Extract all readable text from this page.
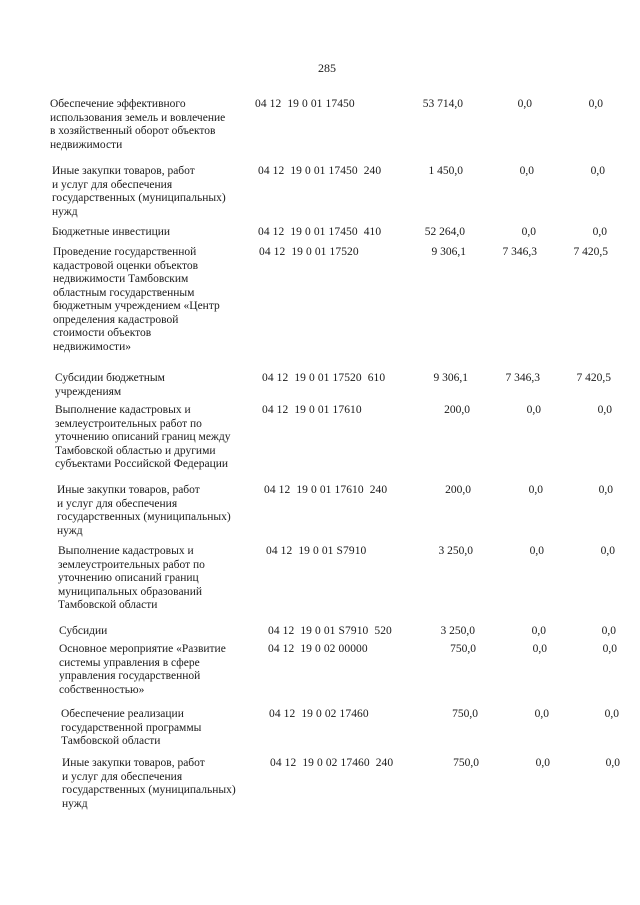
285
Обеспечение эффективного
использования земель и вовлечение
в хозяйственный оборот объектов
недвижимости
04 12  19 0 01 17450	53 714,0	0,0	0,0
Иные закупки товаров, работ
и услуг для обеспечения
государственных (муниципальных)
нужд
04 12  19 0 01 17450  240	1 450,0	0,0	0,0
Бюджетные инвестиции	04 12  19 0 01 17450  410	52 264,0	0,0	0,0
Проведение государственной
кадастровой оценки объектов
недвижимости Тамбовским
областным государственным
бюджетным учреждением «Центр
определения кадастровой
стоимости объектов
недвижимости»
04 12  19 0 01 17520	9 306,1	7 346,3	7 420,5
Субсидии бюджетным
учреждениям
04 12  19 0 01 17520  610	9 306,1	7 346,3	7 420,5
Выполнение кадастровых и
землеустроительных работ по
уточнению описаний границ между
Тамбовской областью и другими
субъектами Российской Федерации
04 12  19 0 01 17610	200,0	0,0	0,0
Иные закупки товаров, работ
и услуг для обеспечения
государственных (муниципальных)
нужд
04 12  19 0 01 17610  240	200,0	0,0	0,0
Выполнение кадастровых и
землеустроительных работ по
уточнению описаний границ
муниципальных образований
Тамбовской области
04 12  19 0 01 S7910	3 250,0	0,0	0,0
Субсидии	04 12  19 0 01 S7910  520	3 250,0	0,0	0,0
Основное мероприятие «Развитие
системы управления в сфере
управления государственной
собственностью»
04 12  19 0 02 00000	750,0	0,0	0,0
Обеспечение реализации
государственной программы
Тамбовской области
04 12  19 0 02 17460	750,0	0,0	0,0
Иные закупки товаров, работ
и услуг для обеспечения
государственных (муниципальных)
нужд
04 12  19 0 02 17460  240	750,0	0,0	0,0
